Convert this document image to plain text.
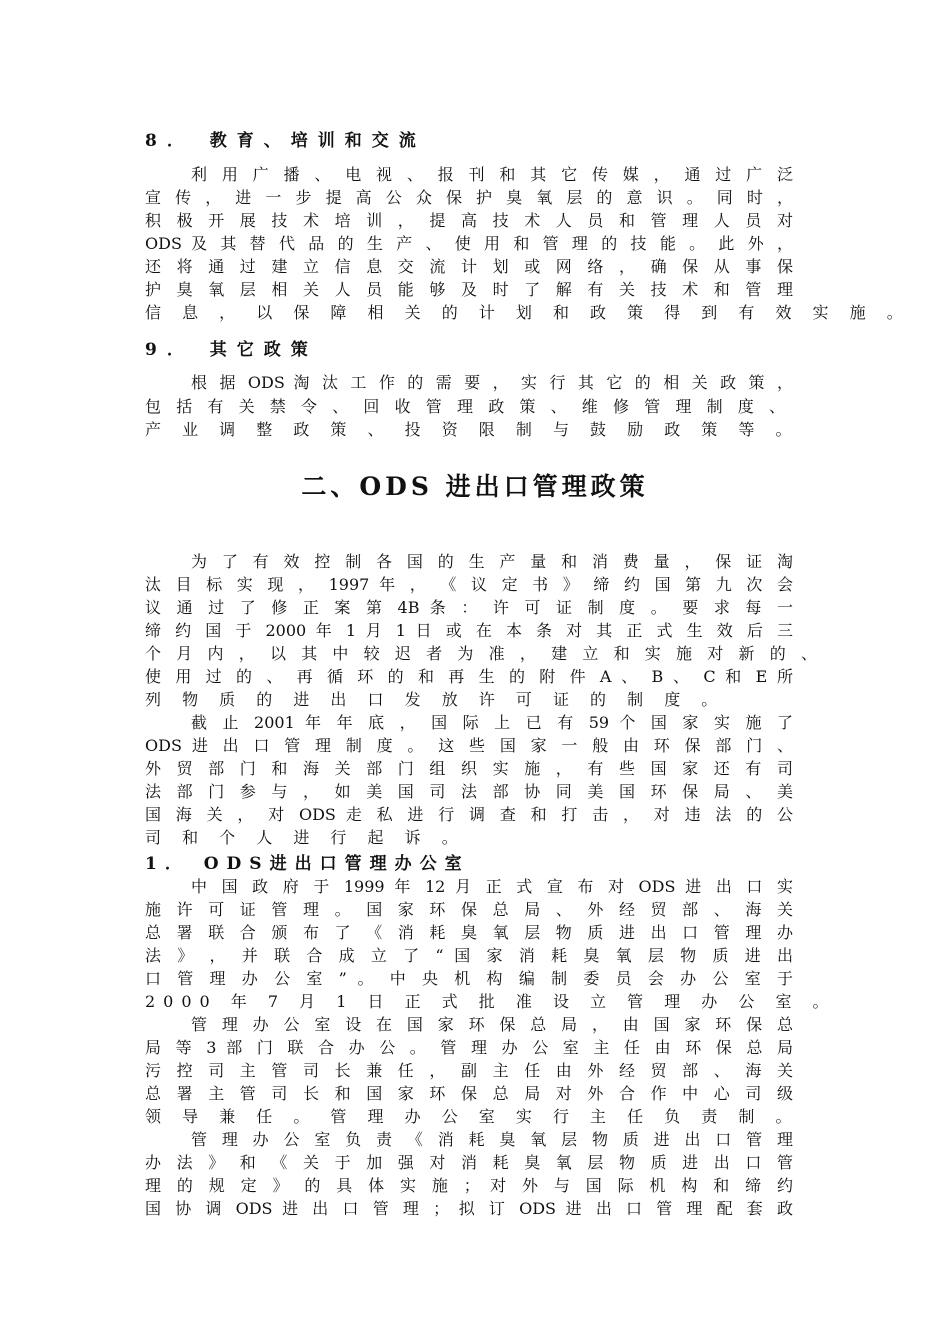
8． 教育、培训和交流
利 用 广 播 、 电 视 、 报 刊 和 其 它 传 媒 ， 通 过 广 泛
宣 传 ， 进 一 步 提 高 公 众 保 护 臭 氧 层 的 意 识 。 同 时 ，
积 极 开 展 技 术 培 训 ， 提 高 技 术 人 员 和 管 理 人 员 对
ODS 及 其 替 代 品 的 生 产 、 使 用 和 管 理 的 技 能 。 此 外 ，
还 将 通 过 建 立 信 息 交 流 计 划 或 网 络 ， 确 保 从 事 保
护 臭 氧 层 相 关 人 员 能 够 及 时 了 解 有 关 技 术 和 管 理
信 息 ， 以 保 障 相 关 的 计 划 和 政 策 得 到 有 效 实 施 。
9． 其它政策
根 据 ODS 淘 汰 工 作 的 需 要 ， 实 行 其 它 的 相 关 政 策 ，
包 括 有 关 禁 令 、 回 收 管 理 政 策 、 维 修 管 理 制 度 、
产 业 调 整 政 策 、 投 资 限 制 与 鼓 励 政 策 等 。
二、ODS 进出口管理政策
为 了 有 效 控 制 各 国 的 生 产 量 和 消 费 量 ， 保 证 淘
汰 目 标 实 现 ， 1997 年 ， 《 议 定 书 》 缔 约 国 第 九 次 会
议 通 过 了 修 正 案 第 4B 条 ： 许 可 证 制 度 。 要 求 每 一
缔 约 国 于 2000 年 1 月 1 日 或 在 本 条 对 其 正 式 生 效 后 三
个 月 内 ， 以 其 中 较 迟 者 为 准 ， 建 立 和 实 施 对 新 的 、
使 用 过 的 、 再 循 环 的 和 再 生 的 附 件 A 、 B 、 C 和 E 所
列 物 质 的 进 出 口 发 放 许 可 证 的 制 度 。
截 止 2001 年 年 底 ， 国 际 上 已 有 59 个 国 家 实 施 了
ODS 进 出 口 管 理 制 度 。 这 些 国 家 一 般 由 环 保 部 门 、
外 贸 部 门 和 海 关 部 门 组 织 实 施 ， 有 些 国 家 还 有 司
法 部 门 参 与 ， 如 美 国 司 法 部 协 同 美 国 环 保 局 、 美
国 海 关 ， 对 ODS 走 私 进 行 调 查 和 打 击 ， 对 违 法 的 公
司 和 个 人 进 行 起 诉 。
1． ODS进出口管理办公室
中 国 政 府 于 1999 年 12 月 正 式 宣 布 对 ODS 进 出 口 实
施 许 可 证 管 理 。 国 家 环 保 总 局 、 外 经 贸 部 、 海 关
总 署 联 合 颁 布 了 《 消 耗 臭 氧 层 物 质 进 出 口 管 理 办
法 》 ， 并 联 合 成 立 了 “ 国 家 消 耗 臭 氧 层 物 质 进 出
口 管 理 办 公 室 ” 。 中 央 机 构 编 制 委 员 会 办 公 室 于
2000 年 7 月 1 日 正 式 批 准 设 立 管 理 办 公 室 。
管 理 办 公 室 设 在 国 家 环 保 总 局 ， 由 国 家 环 保 总
局 等 3 部 门 联 合 办 公 。 管 理 办 公 室 主 任 由 环 保 总 局
污 控 司 主 管 司 长 兼 任 ， 副 主 任 由 外 经 贸 部 、 海 关
总 署 主 管 司 长 和 国 家 环 保 总 局 对 外 合 作 中 心 司 级
领 导 兼 任 。 管 理 办 公 室 实 行 主 任 负 责 制 。
管 理 办 公 室 负 责 《 消 耗 臭 氧 层 物 质 进 出 口 管 理
办 法 》 和 《 关 于 加 强 对 消 耗 臭 氧 层 物 质 进 出 口 管
理 的 规 定 》 的 具 体 实 施 ； 对 外 与 国 际 机 构 和 缔 约
国 协 调 ODS 进 出 口 管 理 ； 拟 订 ODS 进 出 口 管 理 配 套 政
